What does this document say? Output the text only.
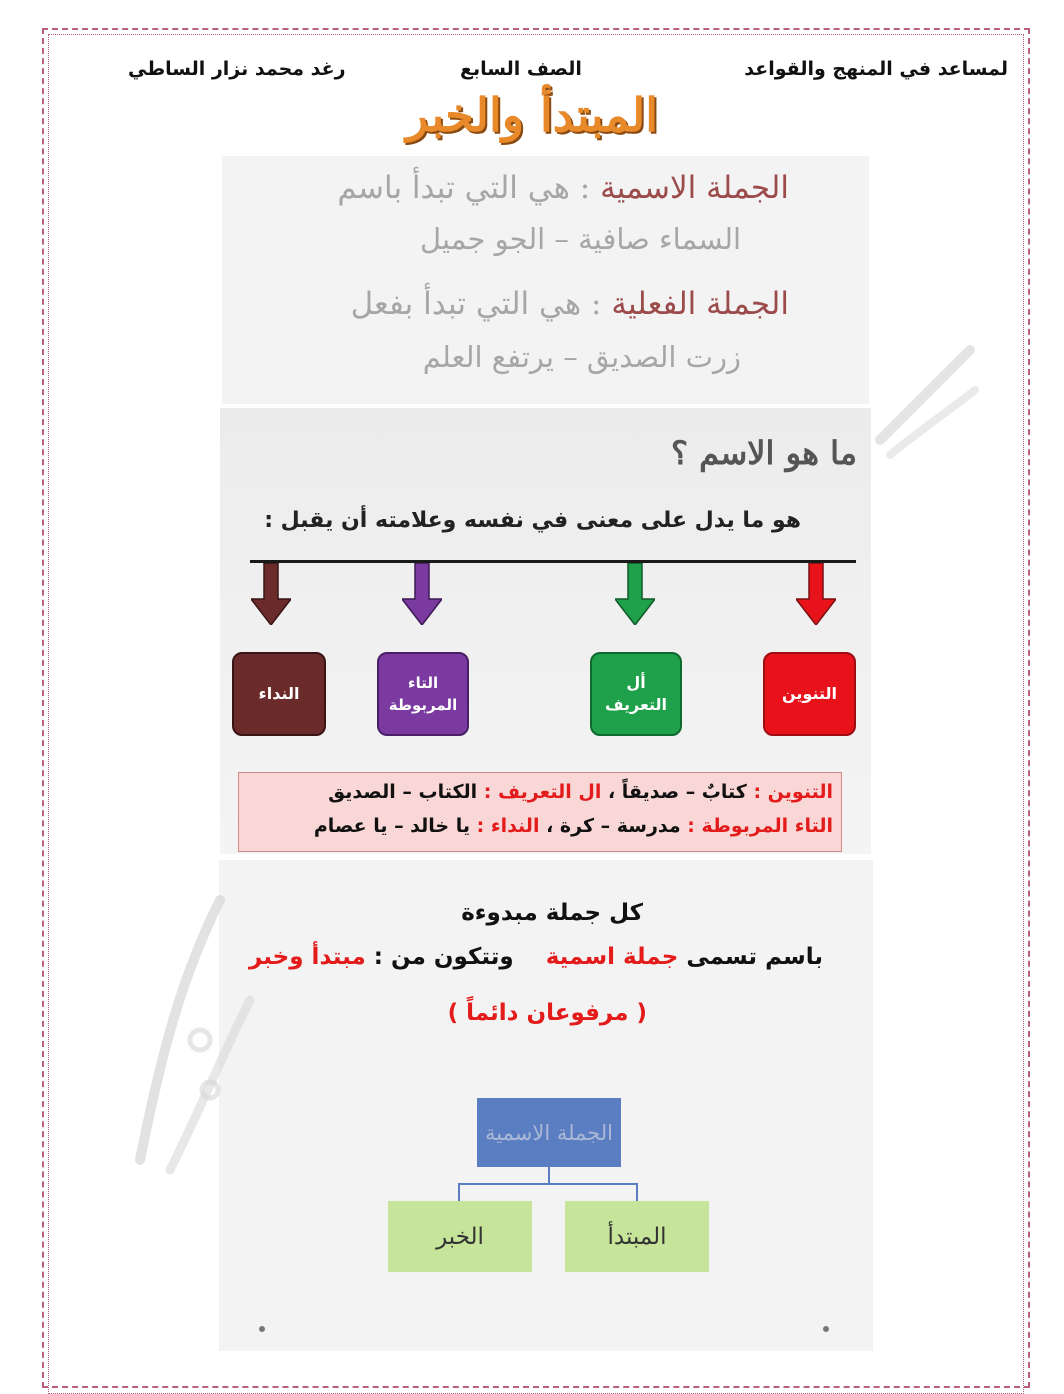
لمساعد في المنهج والقواعد
الصف السابع
رغد محمد نزار الساطي
المبتدأ والخبر
الجملة الاسمية : هي التي تبدأ باسم
السماء صافية – الجو جميل
الجملة الفعلية : هي التي تبدأ بفعل
زرت الصديق – يرتفع العلم
ما هو الاسم ؟
هو ما يدل على معنى في نفسه وعلامته أن يقبل :
التنوين
أل
التعريف
التاء
المربوطة
النداء
التنوين : كتابٌ – صديقاً ، ال التعريف : الكتاب – الصديق
التاء المربوطة : مدرسة – كرة ، النداء : يا خالد – يا عصام
كل جملة مبدوءة
باسم تسمى جملة اسمية    وتتكون من : مبتدأ وخبر
( مرفوعان دائماً )
الجملة الاسمية
الخبر	المبتدأ
